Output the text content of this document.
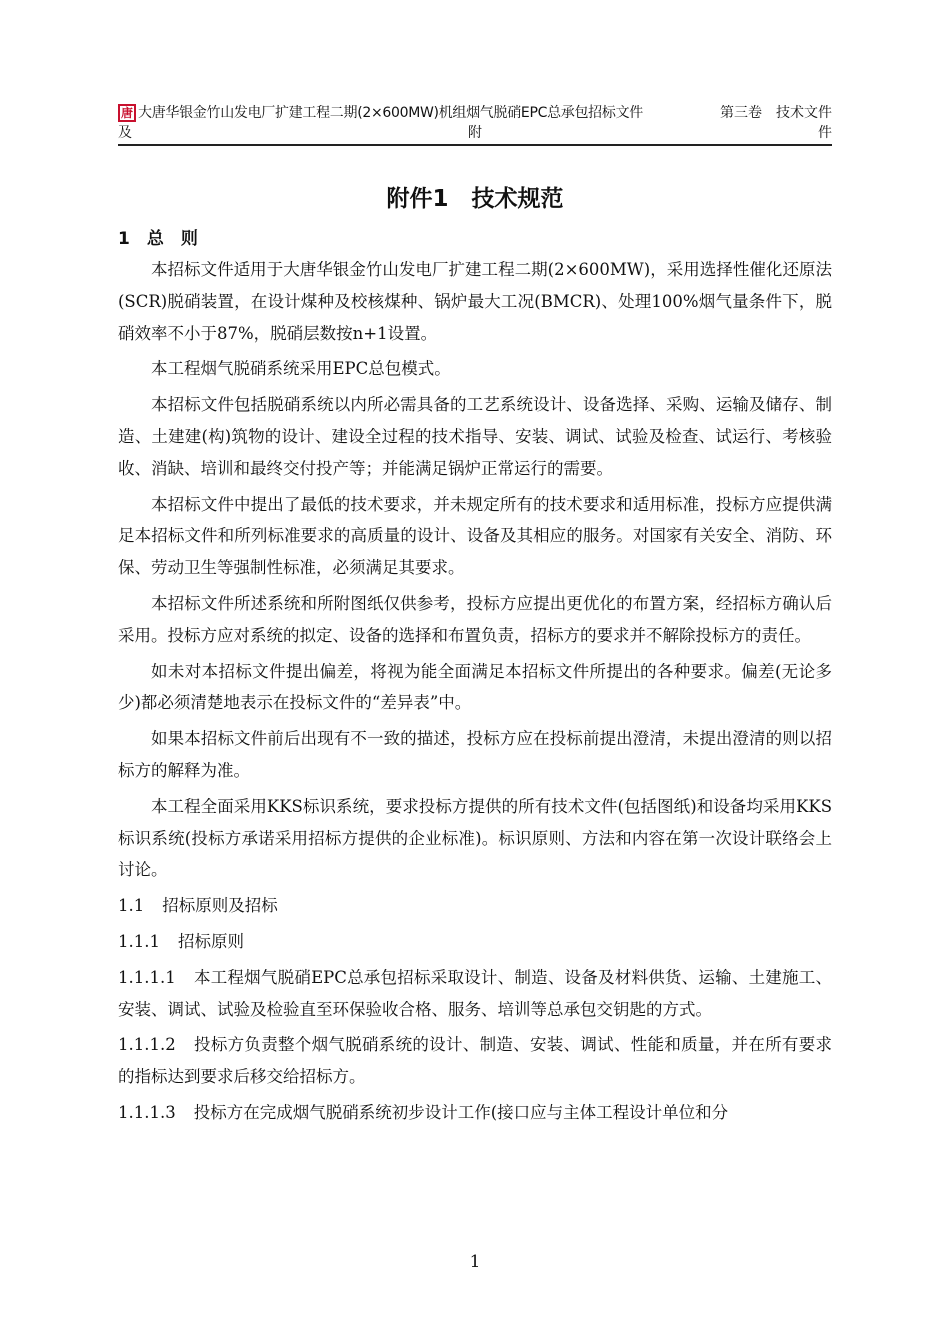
唐 大唐华银金竹山发电厂扩建工程二期(2×600MW)机组烟气脱硝EPC总承包招标文件
及	附
第三卷　技术文件
件
附件1　技术规范
1　总　则

本招标文件适用于大唐华银金竹山发电厂扩建工程二期(2×600MW)，采用选择性催化还原法(SCR)脱硝装置，在设计煤种及校核煤种、锅炉最大工况(BMCR)、处理100%烟气量条件下，脱硝效率不小于87%，脱硝层数按n+1设置。

本工程烟气脱硝系统采用EPC总包模式。

本招标文件包括脱硝系统以内所必需具备的工艺系统设计、设备选择、采购、运输及储存、制造、土建建(构)筑物的设计、建设全过程的技术指导、安装、调试、试验及检查、试运行、考核验收、消缺、培训和最终交付投产等；并能满足锅炉正常运行的需要。

本招标文件中提出了最低的技术要求，并未规定所有的技术要求和适用标准，投标方应提供满足本招标文件和所列标准要求的高质量的设计、设备及其相应的服务。对国家有关安全、消防、环保、劳动卫生等强制性标准，必须满足其要求。

本招标文件所述系统和所附图纸仅供参考，投标方应提出更优化的布置方案，经招标方确认后采用。投标方应对系统的拟定、设备的选择和布置负责，招标方的要求并不解除投标方的责任。

如未对本招标文件提出偏差，将视为能全面满足本招标文件所提出的各种要求。偏差(无论多少)都必须清楚地表示在投标文件的“差异表”中。

如果本招标文件前后出现有不一致的描述，投标方应在投标前提出澄清，未提出澄清的则以招标方的解释为准。

本工程全面采用KKS标识系统，要求投标方提供的所有技术文件(包括图纸)和设备均采用KKS标识系统(投标方承诺采用招标方提供的企业标准)。标识原则、方法和内容在第一次设计联络会上讨论。

1.1 招标原则及招标

1.1.1 招标原则

1.1.1.1 本工程烟气脱硝EPC总承包招标采取设计、制造、设备及材料供货、运输、土建施工、安装、调试、试验及检验直至环保验收合格、服务、培训等总承包交钥匙的方式。

1.1.1.2 投标方负责整个烟气脱硝系统的设计、制造、安装、调试、性能和质量，并在所有要求的指标达到要求后移交给招标方。

1.1.1.3 投标方在完成烟气脱硝系统初步设计工作(接口应与主体工程设计单位和分

1
